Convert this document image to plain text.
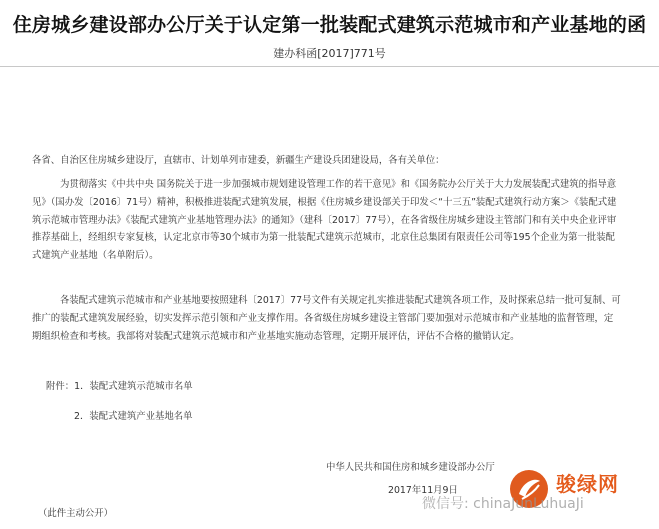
住房城乡建设部办公厅关于认定第一批装配式建筑示范城市和产业基地的函
建办科函[2017]771号
各省、自治区住房城乡建设厅，直辖市、计划单列市建委，新疆生产建设兵团建设局，各有关单位：
为贯彻落实《中共中央 国务院关于进一步加强城市规划建设管理工作的若干意见》和《国务院办公厅关于大力发展装配式建筑的指导意见》（国办发〔2016〕71号）精神，积极推进装配式建筑发展，根据《住房城乡建设部关于印发＜“十三五”装配式建筑行动方案＞《装配式建筑示范城市管理办法》《装配式建筑产业基地管理办法》的通知》（建科〔2017〕77号），在各省级住房城乡建设主管部门和有关中央企业评审推荐基础上，经组织专家复核，认定北京市等30个城市为第一批装配式建筑示范城市，北京住总集团有限责任公司等195个企业为第一批装配式建筑产业基地（名单附后）。
各装配式建筑示范城市和产业基地要按照建科〔2017〕77号文件有关规定扎实推进装配式建筑各项工作，及时探索总结一批可复制、可推广的装配式建筑发展经验，切实发挥示范引领和产业支撑作用。各省级住房城乡建设主管部门要加强对示范城市和产业基地的监督管理，定期组织检查和考核。我部将对装配式建筑示范城市和产业基地实施动态管理，定期开展评估，评估不合格的撤销认定。
附件：1．装配式建筑示范城市名单
2．装配式建筑产业基地名单
中华人民共和国住房和城乡建设部办公厅
2017年11月9日
（此件主动公开）
骏绿网
微信号: chinaJunLuhuaJi
